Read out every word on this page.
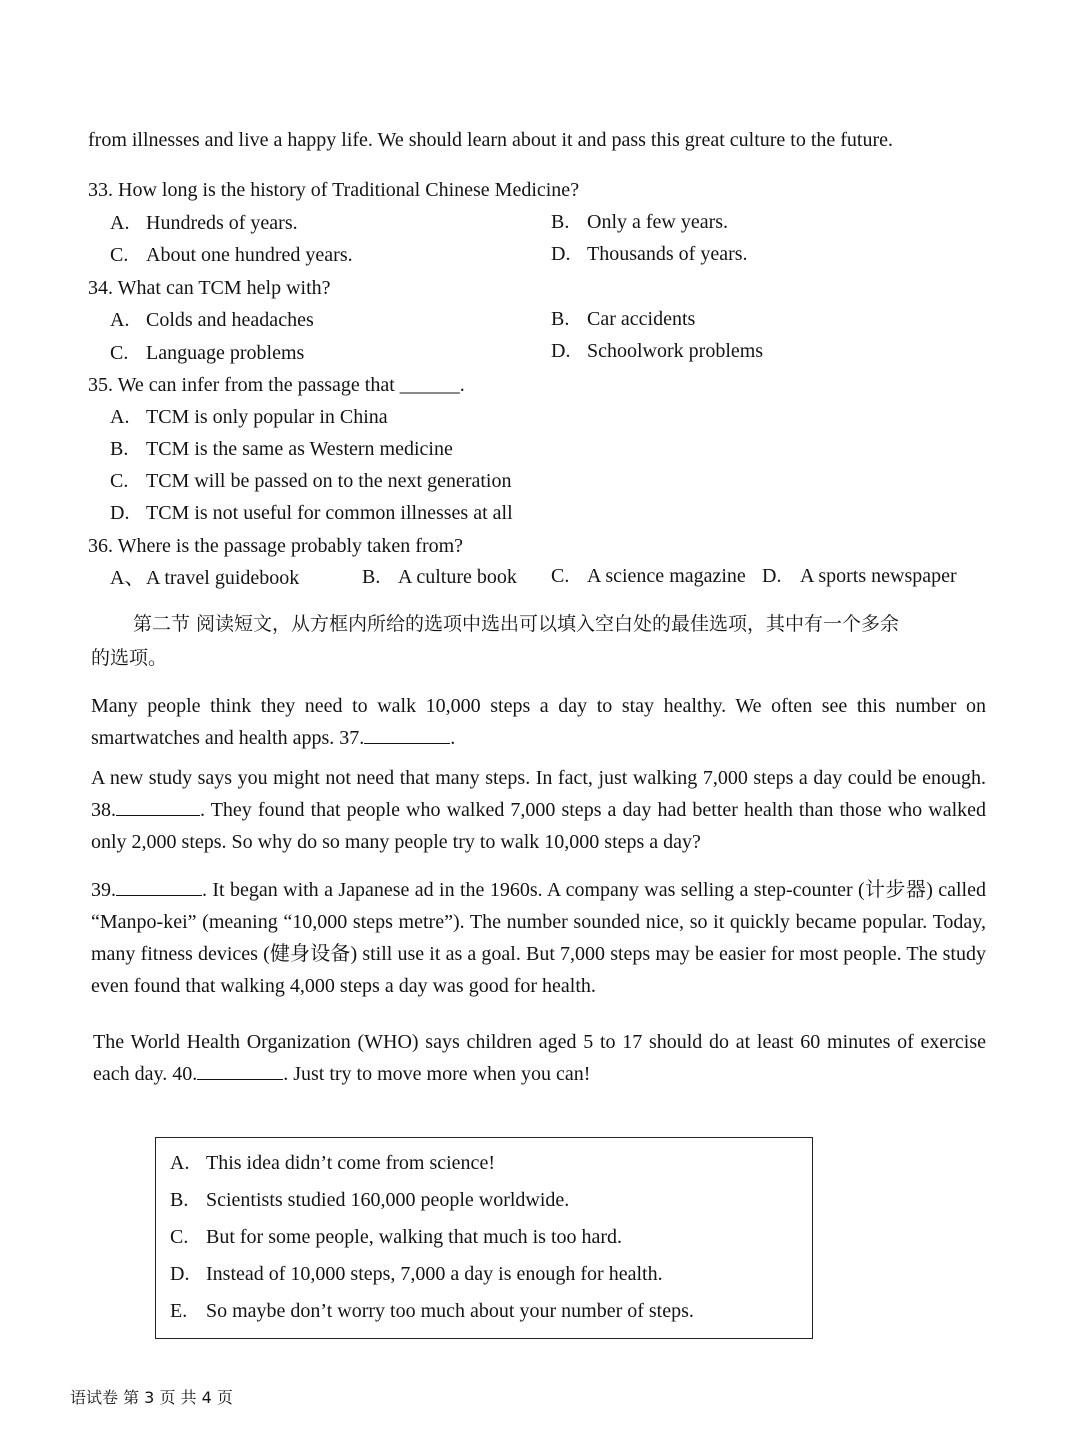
from illnesses and live a happy life. We should learn about it and pass this great culture to the future.
33. How long is the history of Traditional Chinese Medicine?
A. Hundreds of years.	B. Only a few years.
C. About one hundred years.	D. Thousands of years.
34. What can TCM help with?
A. Colds and headaches	B. Car accidents
C. Language problems	D. Schoolwork problems
35. We can infer from the passage that ______.
A. TCM is only popular in China
B. TCM is the same as Western medicine
C. TCM will be passed on to the next generation
D. TCM is not useful for common illnesses at all
36. Where is the passage probably taken from?
A、A travel guidebook	B. A culture book C. A science magazine D. A sports newspaper
第二节 阅读短文，从方框内所给的选项中选出可以填入空白处的最佳选项，其中有一个多余
的选项。
Many people think they need to walk 10,000 steps a day to stay healthy. We often see this number on smartwatches and health apps. 37.	.
A new study says you might not need that many steps. In fact, just walking 7,000 steps a day could be enough. 38.	. They found that people who walked 7,000 steps a day had better health than those who walked only 2,000 steps. So why do so many people try to walk 10,000 steps a day?
39.	. It began with a Japanese ad in the 1960s. A company was selling a step-counter (计步器) called “Manpo-kei” (meaning “10,000 steps metre”). The number sounded nice, so it quickly became popular. Today, many fitness devices (健身设备) still use it as a goal. But 7,000 steps may be easier for most people. The study even found that walking 4,000 steps a day was good for health.
The World Health Organization (WHO) says children aged 5 to 17 should do at least 60 minutes of exercise each day. 40.	. Just try to move more when you can!
A. This idea didn’t come from science!
B. Scientists studied 160,000 people worldwide.
C. But for some people, walking that much is too hard.
D. Instead of 10,000 steps, 7,000 a day is enough for health.
E. So maybe don’t worry too much about your number of steps.
语试卷 第 3 页 共 4 页
